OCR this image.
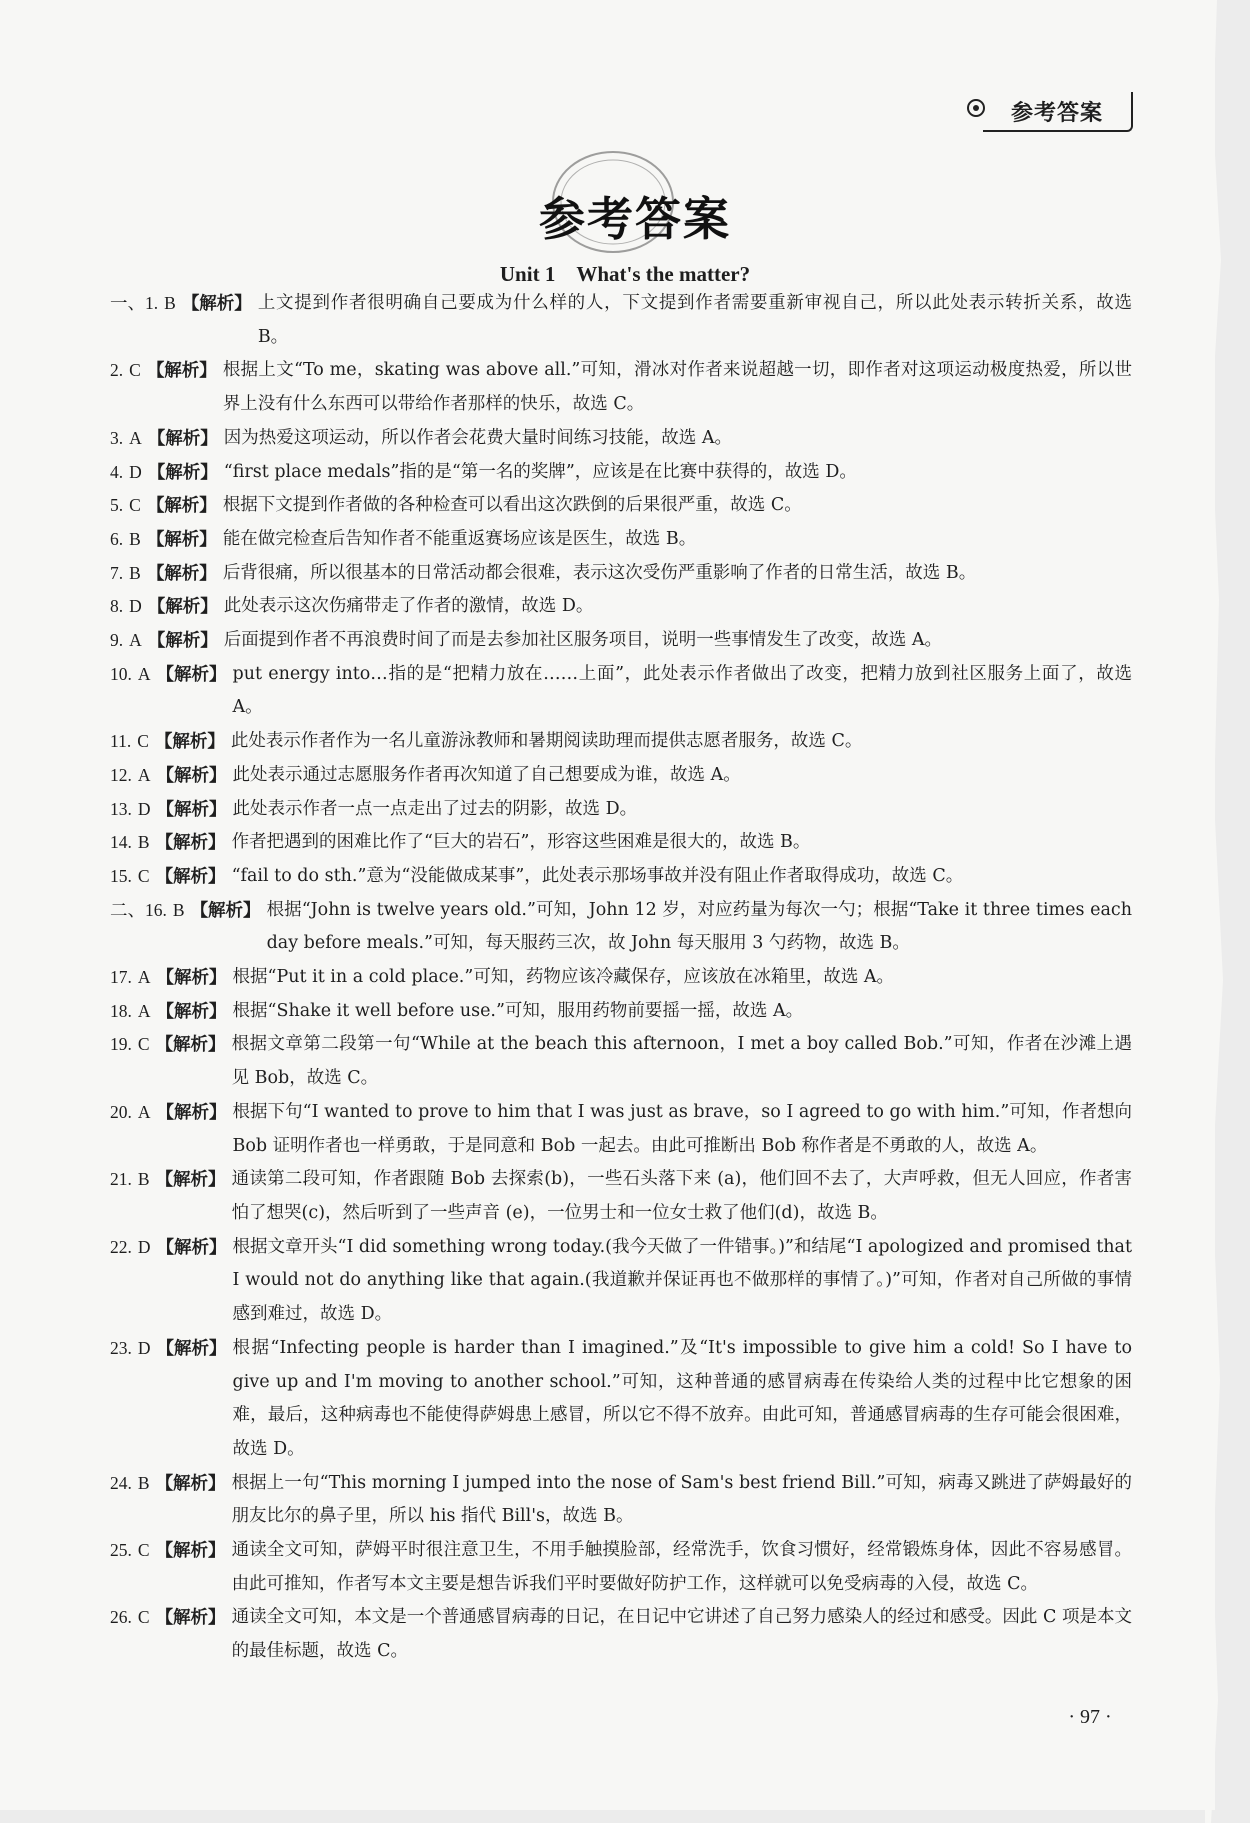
参考答案
参考答案
Unit 1　What's the matter?
一、1. B 【解析】 上文提到作者很明确自己要成为什么样的人，下文提到作者需要重新审视自己，所以此处表示转折关系，故选 B。
2. C 【解析】 根据上文“To me，skating was above all.”可知，滑冰对作者来说超越一切，即作者对这项运动极度热爱，所以世界上没有什么东西可以带给作者那样的快乐，故选 C。
3. A 【解析】 因为热爱这项运动，所以作者会花费大量时间练习技能，故选 A。
4. D 【解析】 “first place medals”指的是“第一名的奖牌”，应该是在比赛中获得的，故选 D。
5. C 【解析】 根据下文提到作者做的各种检查可以看出这次跌倒的后果很严重，故选 C。
6. B 【解析】 能在做完检查后告知作者不能重返赛场应该是医生，故选 B。
7. B 【解析】 后背很痛，所以很基本的日常活动都会很难，表示这次受伤严重影响了作者的日常生活，故选 B。
8. D 【解析】 此处表示这次伤痛带走了作者的激情，故选 D。
9. A 【解析】 后面提到作者不再浪费时间了而是去参加社区服务项目，说明一些事情发生了改变，故选 A。
10. A 【解析】 put energy into…指的是“把精力放在……上面”，此处表示作者做出了改变，把精力放到社区服务上面了，故选 A。
11. C 【解析】 此处表示作者作为一名儿童游泳教师和暑期阅读助理而提供志愿者服务，故选 C。
12. A 【解析】 此处表示通过志愿服务作者再次知道了自己想要成为谁，故选 A。
13. D 【解析】 此处表示作者一点一点走出了过去的阴影，故选 D。
14. B 【解析】 作者把遇到的困难比作了“巨大的岩石”，形容这些困难是很大的，故选 B。
15. C 【解析】 “fail to do sth.”意为“没能做成某事”，此处表示那场事故并没有阻止作者取得成功，故选 C。
二、16. B 【解析】 根据“John is twelve years old.”可知，John 12 岁，对应药量为每次一勺；根据“Take it three times each day before meals.”可知，每天服药三次，故 John 每天服用 3 勺药物，故选 B。
17. A 【解析】 根据“Put it in a cold place.”可知，药物应该冷藏保存，应该放在冰箱里，故选 A。
18. A 【解析】 根据“Shake it well before use.”可知，服用药物前要摇一摇，故选 A。
19. C 【解析】 根据文章第二段第一句“While at the beach this afternoon，I met a boy called Bob.”可知，作者在沙滩上遇见 Bob，故选 C。
20. A 【解析】 根据下句“I wanted to prove to him that I was just as brave，so I agreed to go with him.”可知，作者想向 Bob 证明作者也一样勇敢，于是同意和 Bob 一起去。由此可推断出 Bob 称作者是不勇敢的人，故选 A。
21. B 【解析】 通读第二段可知，作者跟随 Bob 去探索(b)，一些石头落下来 (a)，他们回不去了，大声呼救，但无人回应，作者害怕了想哭(c)，然后听到了一些声音 (e)，一位男士和一位女士救了他们(d)，故选 B。
22. D 【解析】 根据文章开头“I did something wrong today.(我今天做了一件错事。)”和结尾“I apologized and promised that I would not do anything like that again.(我道歉并保证再也不做那样的事情了。)”可知，作者对自己所做的事情感到难过，故选 D。
23. D 【解析】 根据“Infecting people is harder than I imagined.”及“It's impossible to give him a cold! So I have to give up and I'm moving to another school.”可知，这种普通的感冒病毒在传染给人类的过程中比它想象的困难，最后，这种病毒也不能使得萨姆患上感冒，所以它不得不放弃。由此可知，普通感冒病毒的生存可能会很困难，故选 D。
24. B 【解析】 根据上一句“This morning I jumped into the nose of Sam's best friend Bill.”可知，病毒又跳进了萨姆最好的朋友比尔的鼻子里，所以 his 指代 Bill's，故选 B。
25. C 【解析】 通读全文可知，萨姆平时很注意卫生，不用手触摸脸部，经常洗手，饮食习惯好，经常锻炼身体，因此不容易感冒。由此可推知，作者写本文主要是想告诉我们平时要做好防护工作，这样就可以免受病毒的入侵，故选 C。
26. C 【解析】 通读全文可知，本文是一个普通感冒病毒的日记，在日记中它讲述了自己努力感染人的经过和感受。因此 C 项是本文的最佳标题，故选 C。
· 97 ·
